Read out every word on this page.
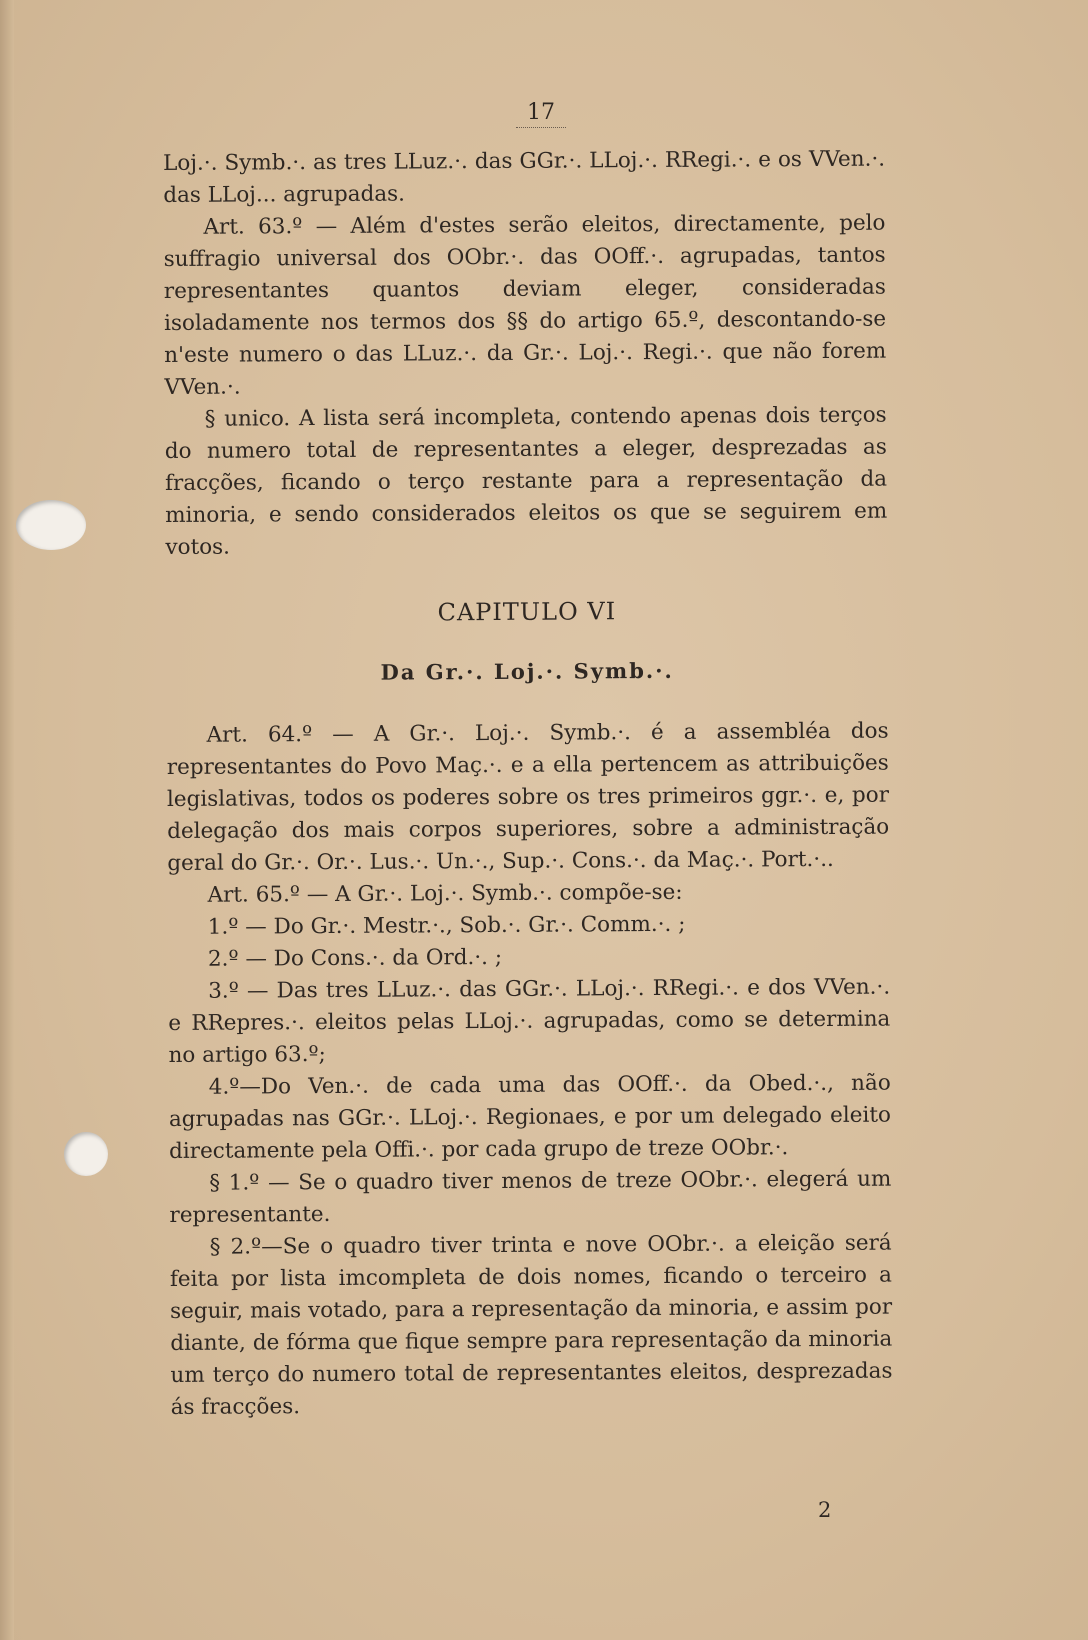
17

Loj.·. Symb.·. as tres LLuz.·. das GGr.·. LLoj.·. RRegi.·. e os VVen.·. das LLoj... agrupadas.

Art. 63.º — Além d'estes serão eleitos, directamente, pelo suffragio universal dos OObr.·. das OOff.·. agrupadas, tantos representantes quantos deviam eleger, consideradas isoladamente nos termos dos §§ do artigo 65.º, descontando-se n'este numero o das LLuz.·. da Gr.·. Loj.·. Regi.·. que não forem VVen.·.

§ unico. A lista será incompleta, contendo apenas dois terços do numero total de representantes a eleger, desprezadas as fracções, ficando o terço restante para a representação da minoria, e sendo considerados eleitos os que se seguirem em votos.

CAPITULO VI
Da Gr.·. Loj.·. Symb.·.

Art. 64.º — A Gr.·. Loj.·. Symb.·. é a assembléa dos representantes do Povo Maç.·. e a ella pertencem as attribuições legislativas, todos os poderes sobre os tres primeiros ggr.·. e, por delegação dos mais corpos superiores, sobre a administração geral do Gr.·. Or.·. Lus.·. Un.·., Sup.·. Cons.·. da Maç.·. Port.·..

Art. 65.º — A Gr.·. Loj.·. Symb.·. compõe-se:

1.º — Do Gr.·. Mestr.·., Sob.·. Gr.·. Comm.·. ;

2.º — Do Cons.·. da Ord.·. ;

3.º — Das tres LLuz.·. das GGr.·. LLoj.·. RRegi.·. e dos VVen.·. e RRepres.·. eleitos pelas LLoj.·. agrupadas, como se determina no artigo 63.º;

4.º—Do Ven.·. de cada uma das OOff.·. da Obed.·., não agrupadas nas GGr.·. LLoj.·. Regionaes, e por um delegado eleito directamente pela Offi.·. por cada grupo de treze OObr.·.

§ 1.º — Se o quadro tiver menos de treze OObr.·. elegerá um representante.

§ 2.º—Se o quadro tiver trinta e nove OObr.·. a eleição será feita por lista imcompleta de dois nomes, ficando o terceiro a seguir, mais votado, para a representação da minoria, e assim por diante, de fórma que fique sempre para representação da minoria um terço do numero total de representantes eleitos, desprezadas ás fracções.

2
